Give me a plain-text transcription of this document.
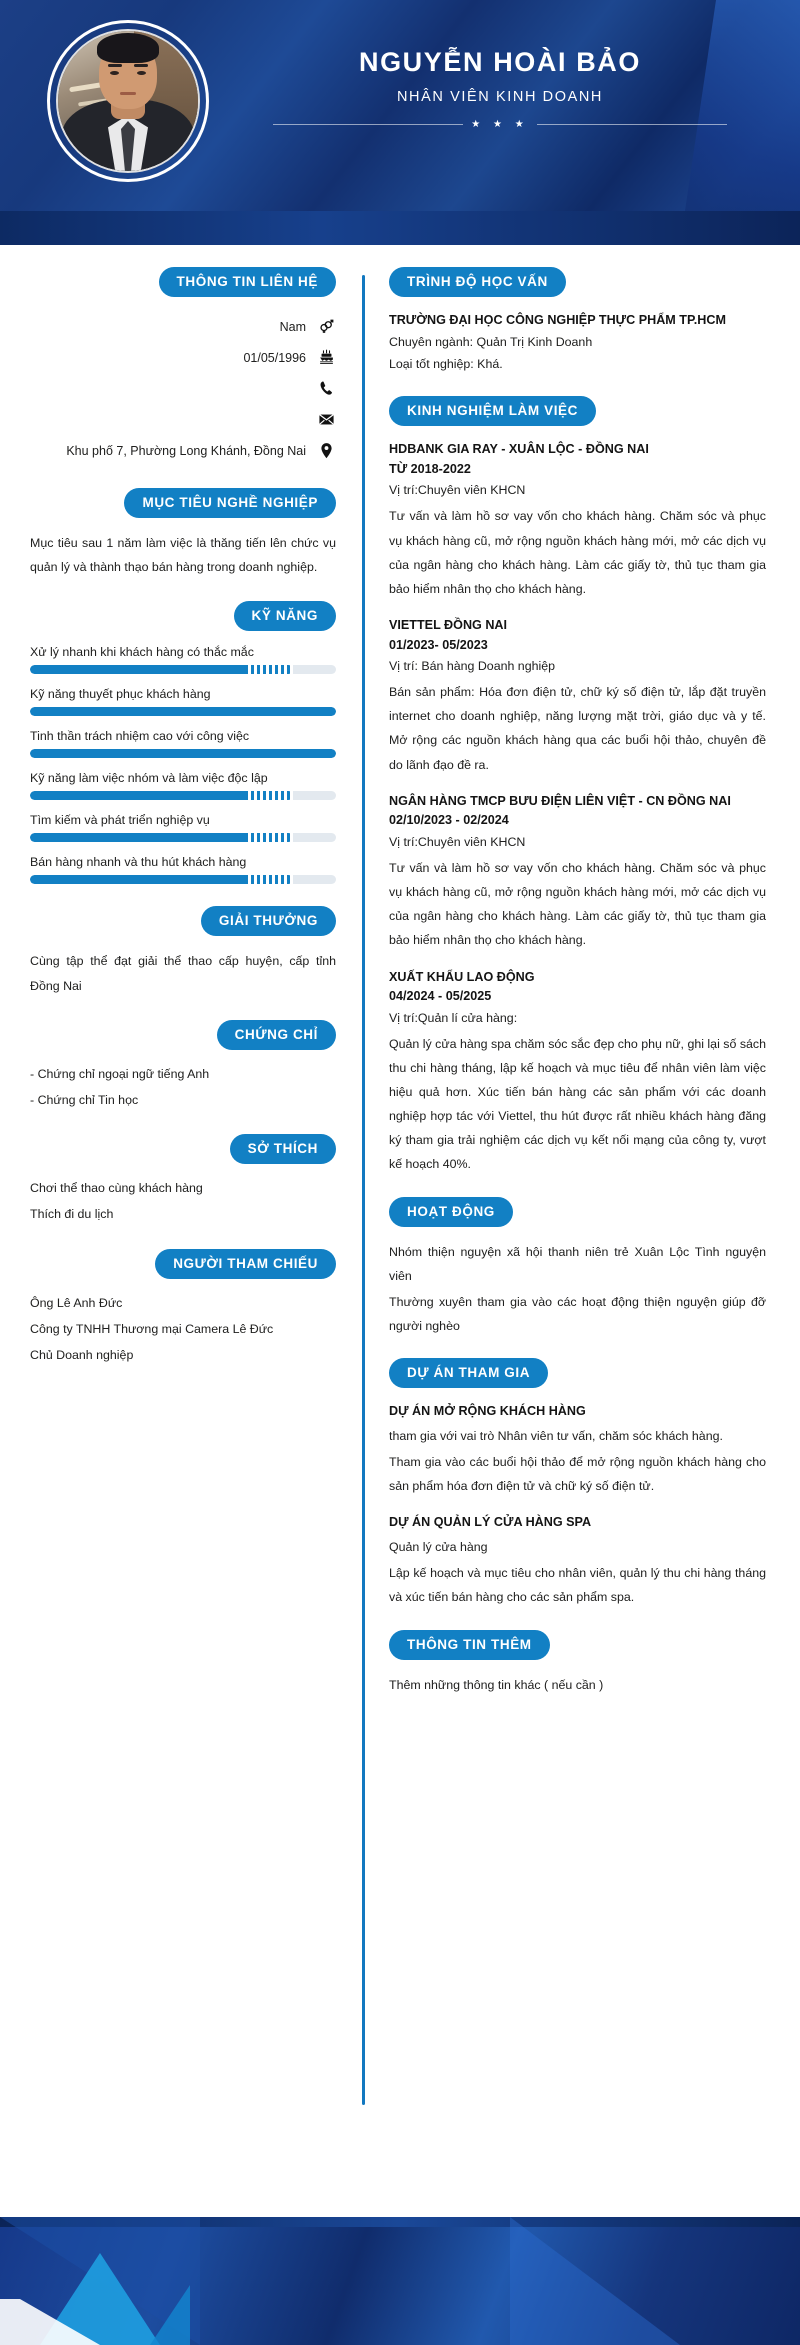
NGUYỄN HOÀI BẢO
NHÂN VIÊN KINH DOANH
★ ★ ★
THÔNG TIN LIÊN HỆ
Nam
01/05/1996
Khu phố 7, Phường Long Khánh, Đồng Nai
MỤC TIÊU NGHỀ NGHIỆP
Mục tiêu sau 1 năm làm việc là thăng tiến lên chức vụ quản lý và thành thạo bán hàng trong doanh nghiệp.
KỸ NĂNG
Xử lý nhanh khi khách hàng có thắc mắc
Kỹ năng thuyết phục khách hàng
Tinh thần trách nhiệm cao với công việc
Kỹ năng làm việc nhóm và làm việc độc lập
Tìm kiếm và phát triển nghiệp vụ
Bán hàng nhanh và thu hút khách hàng
GIẢI THƯỞNG
Cùng tập thể đạt giải thể thao cấp huyện, cấp tỉnh Đồng Nai
CHỨNG CHỈ

- Chứng chỉ ngoại ngữ tiếng Anh

- Chứng chỉ Tin học

SỞ THÍCH

Chơi thể thao cùng khách hàng

Thích đi du lịch

NGƯỜI THAM CHIẾU

Ông Lê Anh Đức

Công ty TNHH Thương mại Camera Lê Đức

Chủ Doanh nghiệp

TRÌNH ĐỘ HỌC VẤN
TRƯỜNG ĐẠI HỌC CÔNG NGHIỆP THỰC PHẨM TP.HCM
Chuyên ngành: Quản Trị Kinh Doanh
Loại tốt nghiệp: Khá.
KINH NGHIỆM LÀM VIỆC
HDBANK GIA RAY - XUÂN LỘC - ĐỒNG NAI
TỪ 2018-2022
Vị trí:Chuyên viên KHCN
Tư vấn và làm hồ sơ vay vốn cho khách hàng. Chăm sóc và phục vụ khách hàng cũ, mở rộng nguồn khách hàng mới, mở các dịch vụ của ngân hàng cho khách hàng. Làm các giấy tờ, thủ tục tham gia bảo hiểm nhân thọ cho khách hàng.
VIETTEL ĐỒNG NAI
01/2023- 05/2023
Vị trí: Bán hàng Doanh nghiệp
Bán sản phẩm: Hóa đơn điện tử, chữ ký số điện tử, lắp đặt truyền internet cho doanh nghiệp, năng lượng mặt trời, giáo dục và y tế. Mở rộng các nguồn khách hàng qua các buổi hội thảo, chuyên đề do lãnh đạo đề ra.
NGÂN HÀNG TMCP BƯU ĐIỆN LIÊN VIỆT - CN ĐỒNG NAI
02/10/2023 - 02/2024
Vị trí:Chuyên viên KHCN
Tư vấn và làm hồ sơ vay vốn cho khách hàng. Chăm sóc và phục vụ khách hàng cũ, mở rộng nguồn khách hàng mới, mở các dịch vụ của ngân hàng cho khách hàng. Làm các giấy tờ, thủ tục tham gia bảo hiểm nhân thọ cho khách hàng.
XUẤT KHẨU LAO ĐỘNG
04/2024 - 05/2025
Vị trí:Quản lí cửa hàng:
Quản lý cửa hàng spa chăm sóc sắc đẹp cho phụ nữ, ghi lại số sách thu chi hàng tháng, lập kế hoạch và mục tiêu để nhân viên làm việc hiệu quả hơn. Xúc tiến bán hàng các sản phẩm với các doanh nghiệp hợp tác với Viettel, thu hút được rất nhiều khách hàng đăng ký tham gia trải nghiệm các dịch vụ kết nối mạng của công ty, vượt kế hoạch 40%.
HOẠT ĐỘNG
Nhóm thiện nguyện xã hội thanh niên trẻ Xuân Lộc Tình nguyện viên
Thường xuyên tham gia vào các hoạt động thiện nguyện giúp đỡ người nghèo
DỰ ÁN THAM GIA
DỰ ÁN MỞ RỘNG KHÁCH HÀNG
tham gia với vai trò Nhân viên tư vấn, chăm sóc khách hàng.
Tham gia vào các buổi hội thảo để mở rộng nguồn khách hàng cho sản phẩm hóa đơn điện tử và chữ ký số điện tử.
DỰ ÁN QUẢN LÝ CỬA HÀNG SPA
Quản lý cửa hàng
Lập kế hoạch và mục tiêu cho nhân viên, quản lý thu chi hàng tháng và xúc tiến bán hàng cho các sản phẩm spa.
THÔNG TIN THÊM
Thêm những thông tin khác ( nếu cần )
